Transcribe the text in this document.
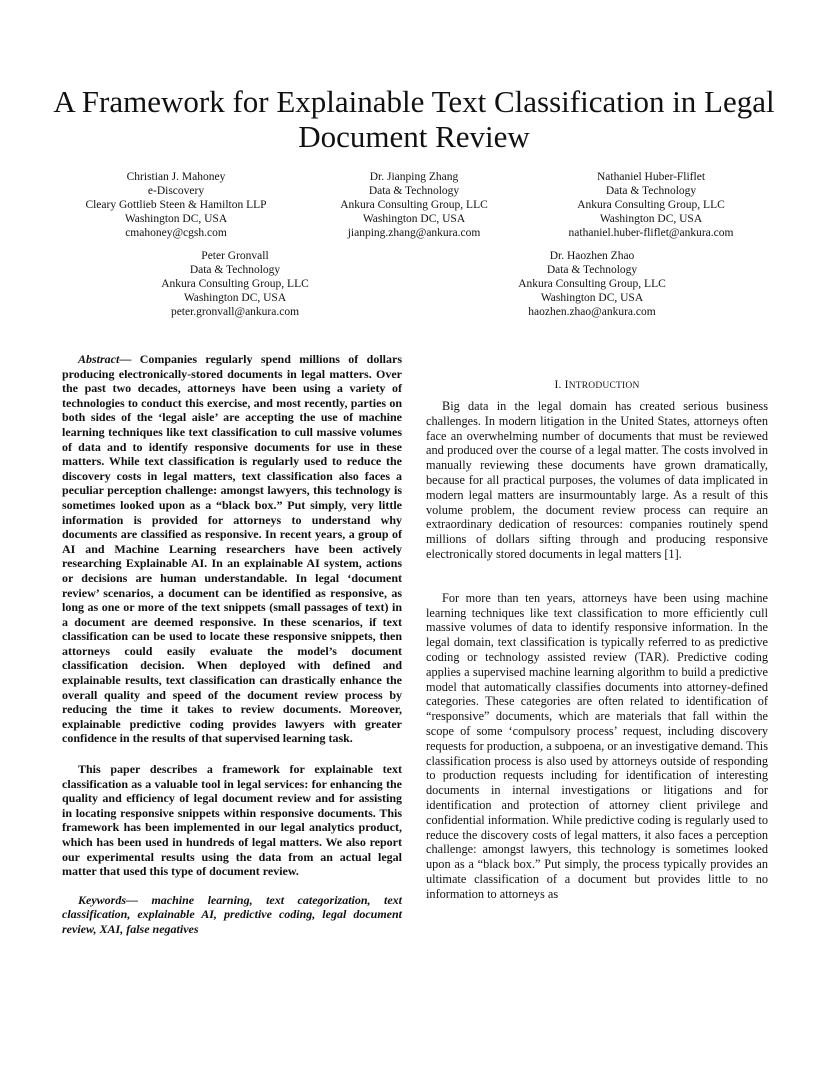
A Framework for Explainable Text Classification in Legal Document Review
Christian J. Mahoney
e-Discovery
Cleary Gottlieb Steen & Hamilton LLP
Washington DC, USA
cmahoney@cgsh.com
Dr. Jianping Zhang
Data & Technology
Ankura Consulting Group, LLC
Washington DC, USA
jianping.zhang@ankura.com
Nathaniel Huber-Fliflet
Data & Technology
Ankura Consulting Group, LLC
Washington DC, USA
nathaniel.huber-fliflet@ankura.com
Peter Gronvall
Data & Technology
Ankura Consulting Group, LLC
Washington DC, USA
peter.gronvall@ankura.com
Dr. Haozhen Zhao
Data & Technology
Ankura Consulting Group, LLC
Washington DC, USA
haozhen.zhao@ankura.com

Abstract— Companies regularly spend millions of dollars producing electronically-stored documents in legal matters. Over the past two decades, attorneys have been using a variety of technologies to conduct this exercise, and most recently, parties on both sides of the ‘legal aisle’ are accepting the use of machine learning techniques like text classification to cull massive volumes of data and to identify responsive documents for use in these matters. While text classification is regularly used to reduce the discovery costs in legal matters, text classification also faces a peculiar perception challenge: amongst lawyers, this technology is sometimes looked upon as a “black box.” Put simply, very little information is provided for attorneys to understand why documents are classified as responsive. In recent years, a group of AI and Machine Learning researchers have been actively researching Explainable AI. In an explainable AI system, actions or decisions are human understandable. In legal ‘document review’ scenarios, a document can be identified as responsive, as long as one or more of the text snippets (small passages of text) in a document are deemed responsive. In these scenarios, if text classification can be used to locate these responsive snippets, then attorneys could easily evaluate the model’s document classification decision. When deployed with defined and explainable results, text classification can drastically enhance the overall quality and speed of the document review process by reducing the time it takes to review documents. Moreover, explainable predictive coding provides lawyers with greater confidence in the results of that supervised learning task.

This paper describes a framework for explainable text classification as a valuable tool in legal services: for enhancing the quality and efficiency of legal document review and for assisting in locating responsive snippets within responsive documents. This framework has been implemented in our legal analytics product, which has been used in hundreds of legal matters. We also report our experimental results using the data from an actual legal matter that used this type of document review.

Keywords— machine learning, text categorization, text classification, explainable AI, predictive coding, legal document review, XAI, false negatives

I. INTRODUCTION

Big data in the legal domain has created serious business challenges. In modern litigation in the United States, attorneys often face an overwhelming number of documents that must be reviewed and produced over the course of a legal matter. The costs involved in manually reviewing these documents have grown dramatically, because for all practical purposes, the volumes of data implicated in modern legal matters are insurmountably large. As a result of this volume problem, the document review process can require an extraordinary dedication of resources: companies routinely spend millions of dollars sifting through and producing responsive electronically stored documents in legal matters [1].

For more than ten years, attorneys have been using machine learning techniques like text classification to more efficiently cull massive volumes of data to identify responsive information. In the legal domain, text classification is typically referred to as predictive coding or technology assisted review (TAR). Predictive coding applies a supervised machine learning algorithm to build a predictive model that automatically classifies documents into attorney-defined categories. These categories are often related to identification of “responsive” documents, which are materials that fall within the scope of some ‘compulsory process’ request, including discovery requests for production, a subpoena, or an investigative demand. This classification process is also used by attorneys outside of responding to production requests including for identification of interesting documents in internal investigations or litigations and for identification and protection of attorney client privilege and confidential information. While predictive coding is regularly used to reduce the discovery costs of legal matters, it also faces a perception challenge: amongst lawyers, this technology is sometimes looked upon as a “black box.” Put simply, the process typically provides an ultimate classification of a document but provides little to no information to attorneys as
